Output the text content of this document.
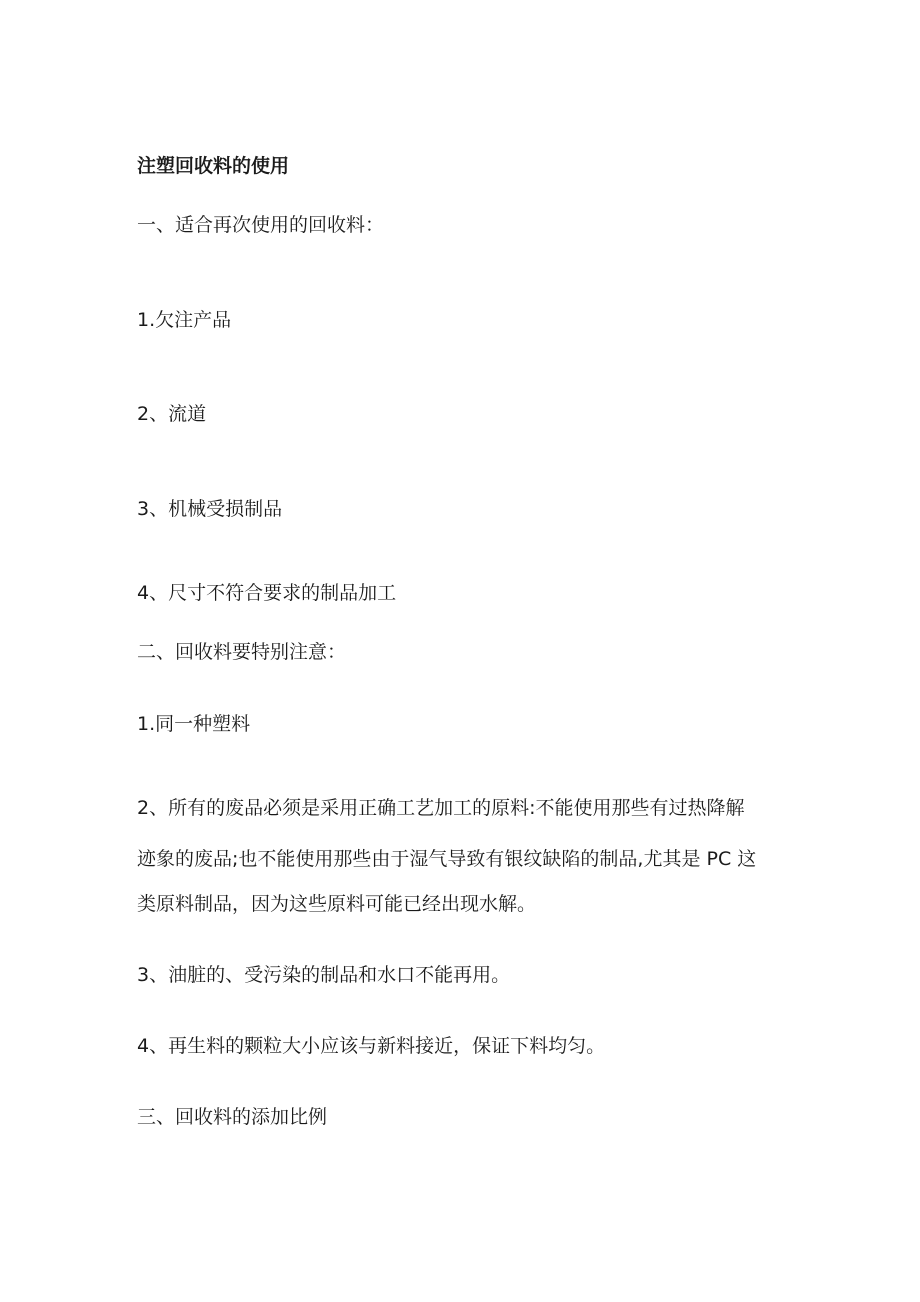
注塑回收料的使用

一、适合再次使用的回收料：

1.欠注产品

2、流道

3、机械受损制品

4、尺寸不符合要求的制品加工

二、回收料要特别注意：

1.同一种塑料

2、所有的废品必须是采用正确工艺加工的原料:不能使用那些有过热降解

迹象的废品;也不能使用那些由于湿气导致有银纹缺陷的制品,尤其是 PC 这

类原料制品，因为这些原料可能已经出现水解。

3、油脏的、受污染的制品和水口不能再用。

4、再生料的颗粒大小应该与新料接近，保证下料均匀。

三、回收料的添加比例
